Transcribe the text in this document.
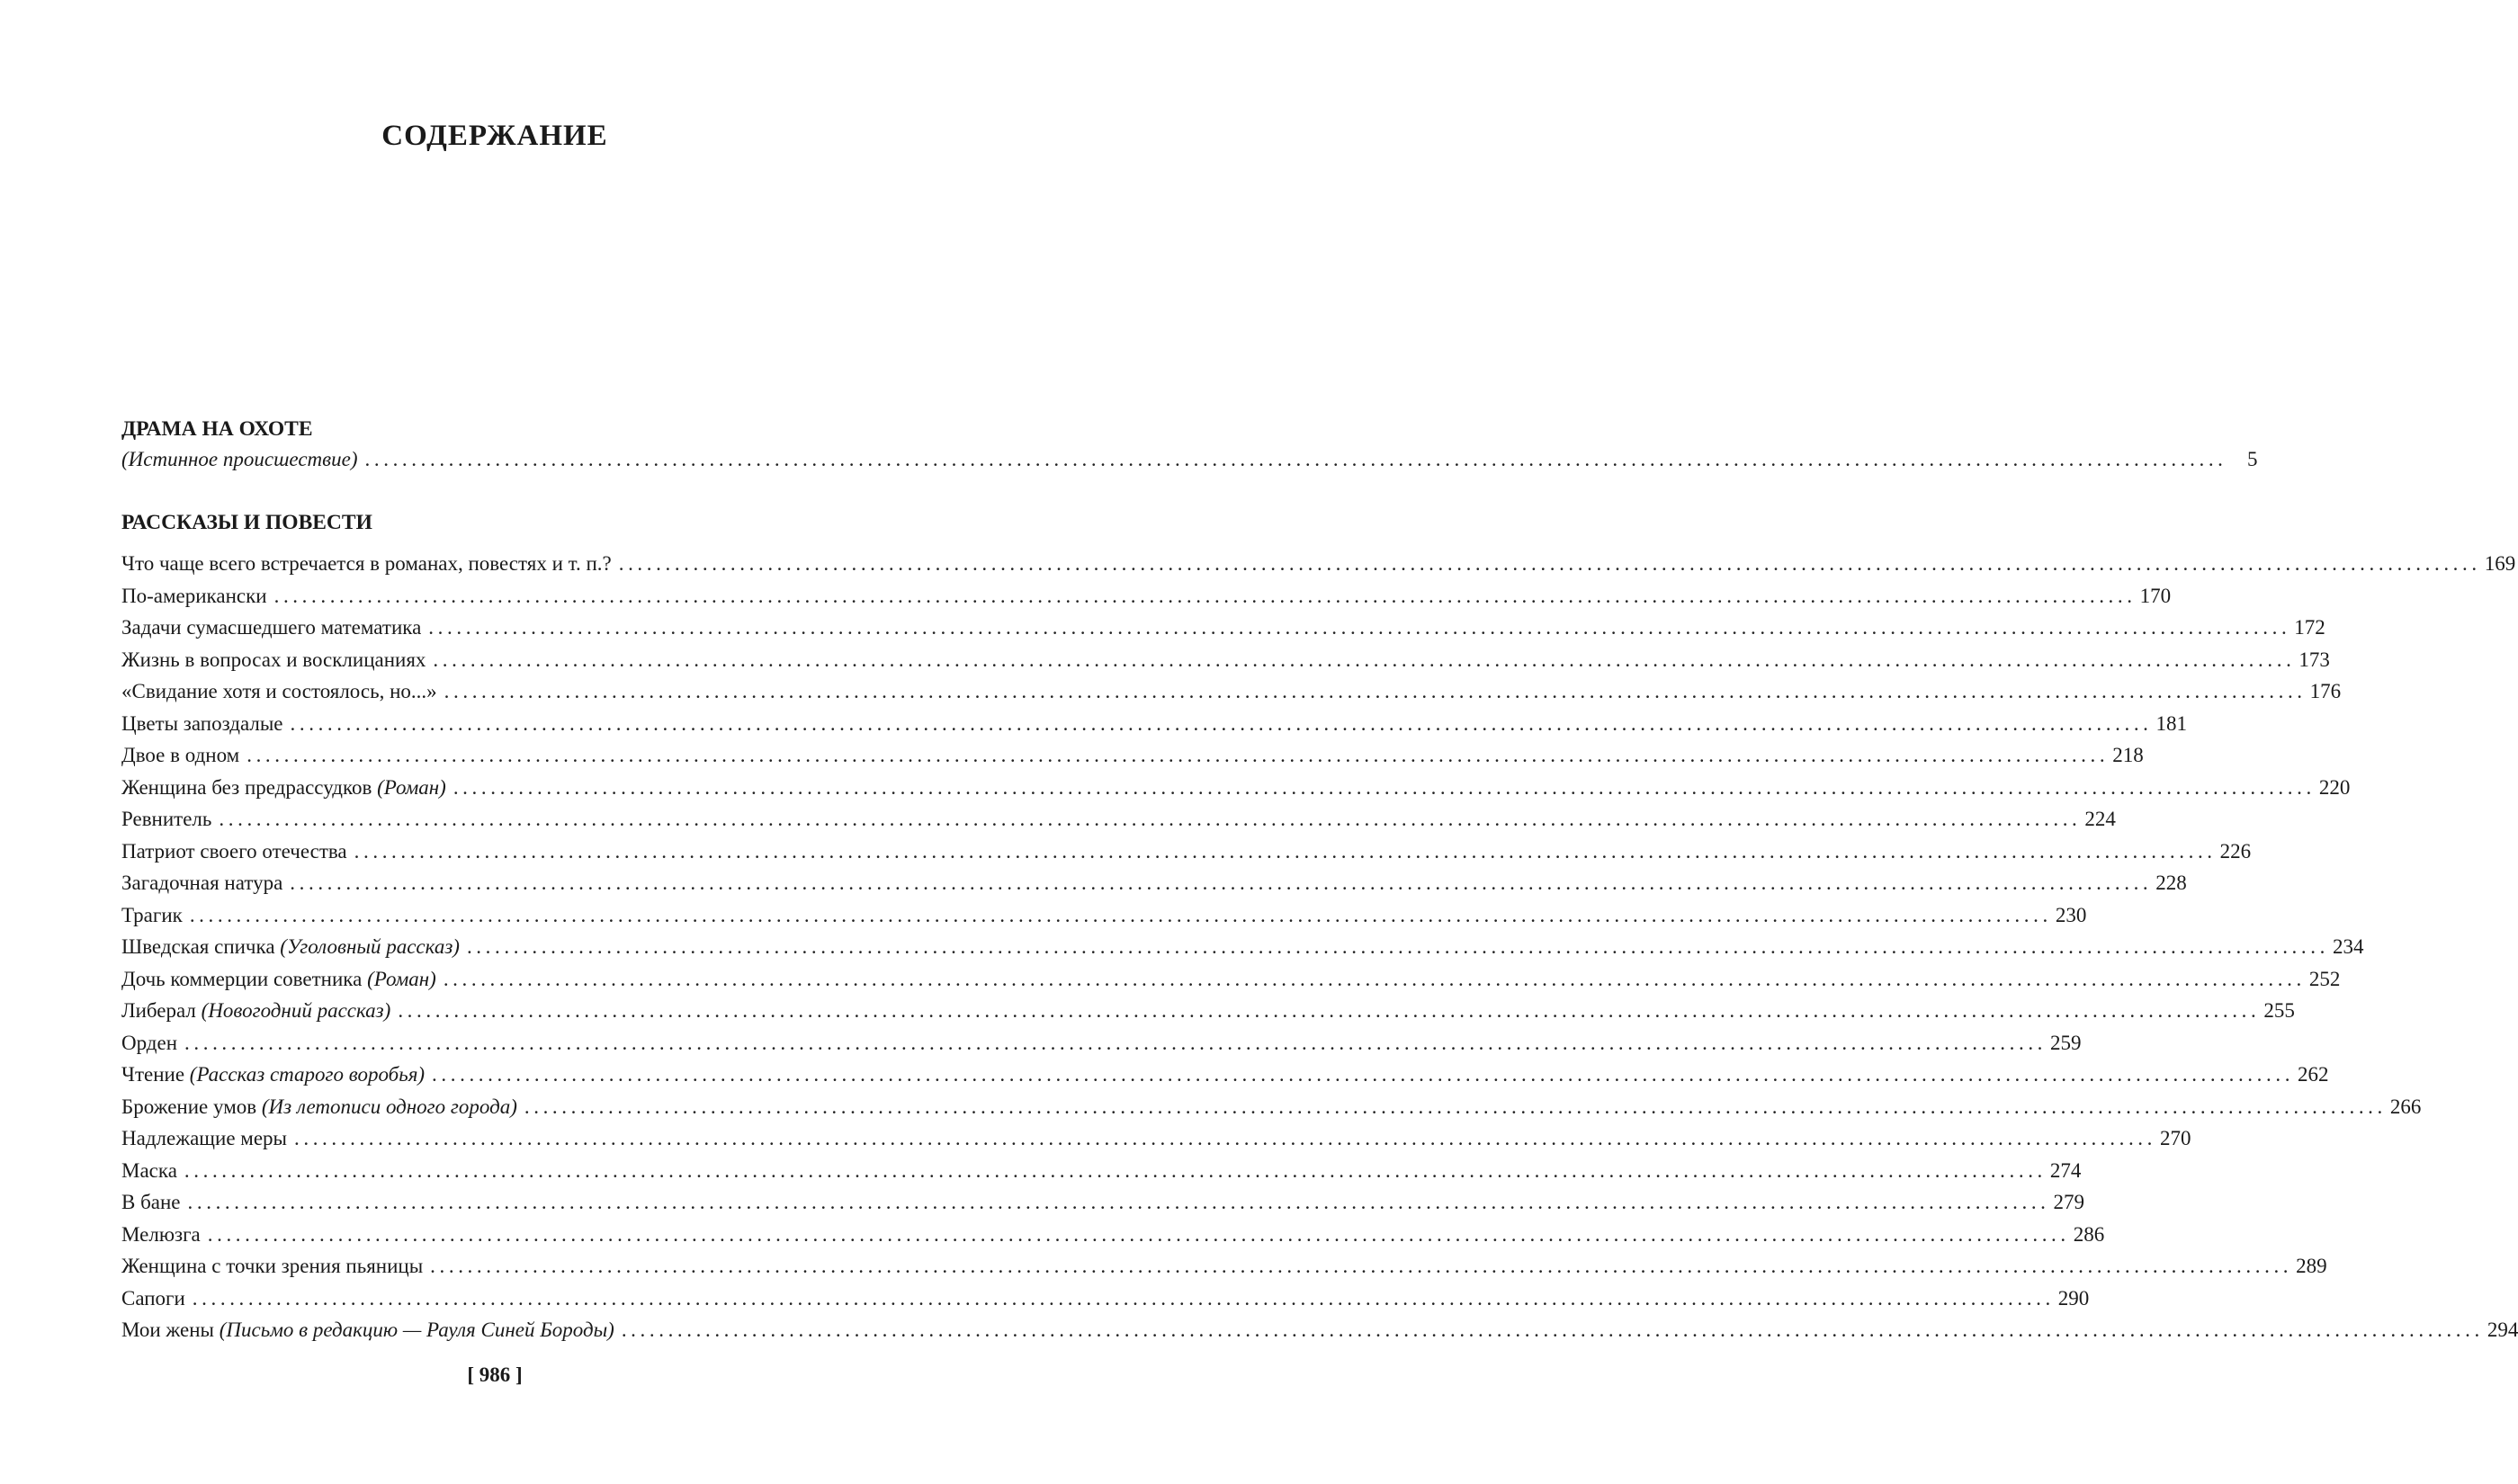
СОДЕРЖАНИЕ
ДРАМА НА ОХОТЕ
(Истинное происшествие) ........................................................................................................................................................................................................ 5
РАССКАЗЫ И ПОВЕСТИ
Что чаще всего встречается в романах, повестях и т. п.? ........................................................................................................................................................................................................ 169
По-американски ........................................................................................................................................................................................................ 170
Задачи сумасшедшего математика ........................................................................................................................................................................................................ 172
Жизнь в вопросах и восклицаниях ........................................................................................................................................................................................................ 173
«Свидание хотя и состоялось, но...» ........................................................................................................................................................................................................ 176
Цветы запоздалые ........................................................................................................................................................................................................ 181
Двое в одном ........................................................................................................................................................................................................ 218
Женщина без предрассудков (Роман) ........................................................................................................................................................................................................ 220
Ревнитель ........................................................................................................................................................................................................ 224
Патриот своего отечества ........................................................................................................................................................................................................ 226
Загадочная натура ........................................................................................................................................................................................................ 228
Трагик ........................................................................................................................................................................................................ 230
Шведская спичка (Уголовный рассказ) ........................................................................................................................................................................................................ 234
Дочь коммерции советника (Роман) ........................................................................................................................................................................................................ 252
Либерал (Новогодний рассказ) ........................................................................................................................................................................................................ 255
Орден ........................................................................................................................................................................................................ 259
Чтение (Рассказ старого воробья) ........................................................................................................................................................................................................ 262
Брожение умов (Из летописи одного города) ........................................................................................................................................................................................................ 266
Надлежащие меры ........................................................................................................................................................................................................ 270
Маска ........................................................................................................................................................................................................ 274
В бане ........................................................................................................................................................................................................ 279
Мелюзга ........................................................................................................................................................................................................ 286
Женщина с точки зрения пьяницы ........................................................................................................................................................................................................ 289
Сапоги ........................................................................................................................................................................................................ 290
Мои жены (Письмо в редакцию — Рауля Синей Бороды) ........................................................................................................................................................................................................ 294
[ 986 ]
